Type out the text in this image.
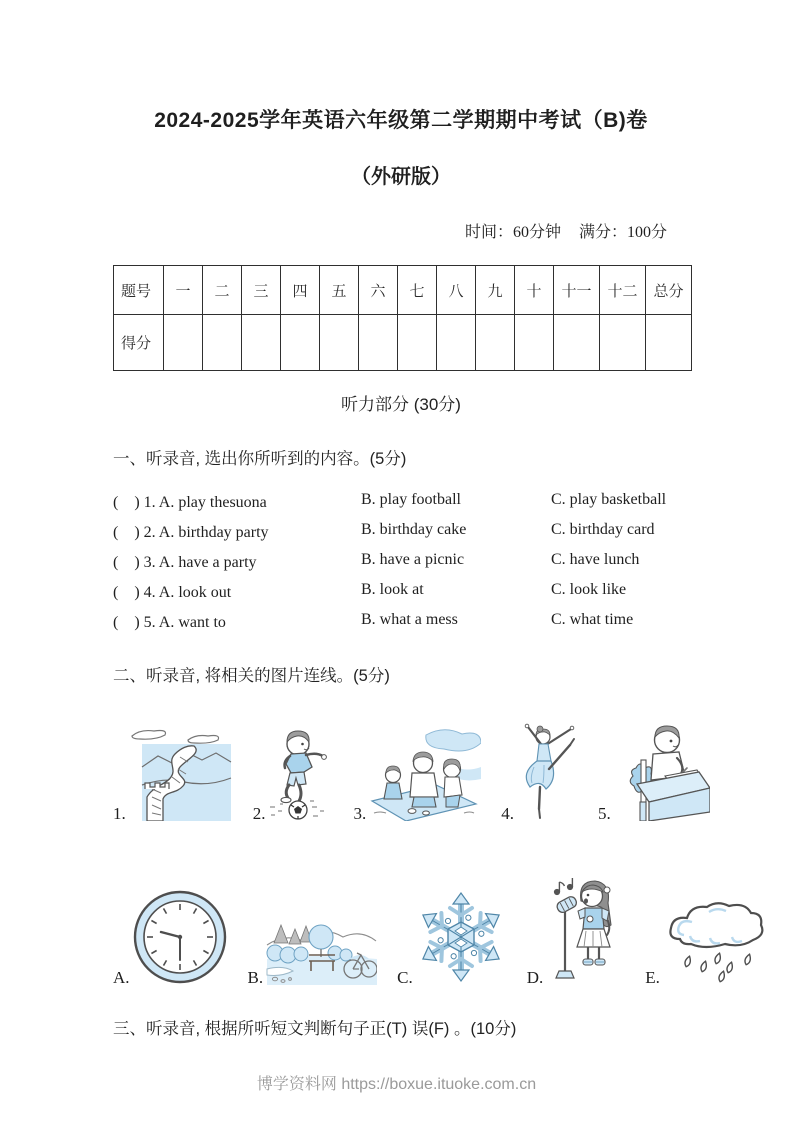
2024-2025学年英语六年级第二学期期中考试（B)卷
（外研版）
时间：60分钟 满分：100分
题号	一	二	三	四	五	六	七	八	九	十	十一	十二	总分
得分													
听力部分 (30分)
一、听录音, 选出你所听到的内容。(5分)
(　) 1. A. play thesuona	B. play football	C. play basketball
(　) 2. A. birthday party	B. birthday cake	C. birthday card
(　) 3. A. have a party	B. have a picnic	C. have lunch
(　) 4. A. look out	B. look at	C. look like
(　) 5. A. want to	B. what a mess	C. what time
二、听录音, 将相关的图片连线。(5分)
1.	2.	3.	4.	5.
A.	B.	C.	D.	E.
三、听录音, 根据所听短文判断句子正(T) 误(F) 。(10分)
博学资料网 https://boxue.ituoke.com.cn
